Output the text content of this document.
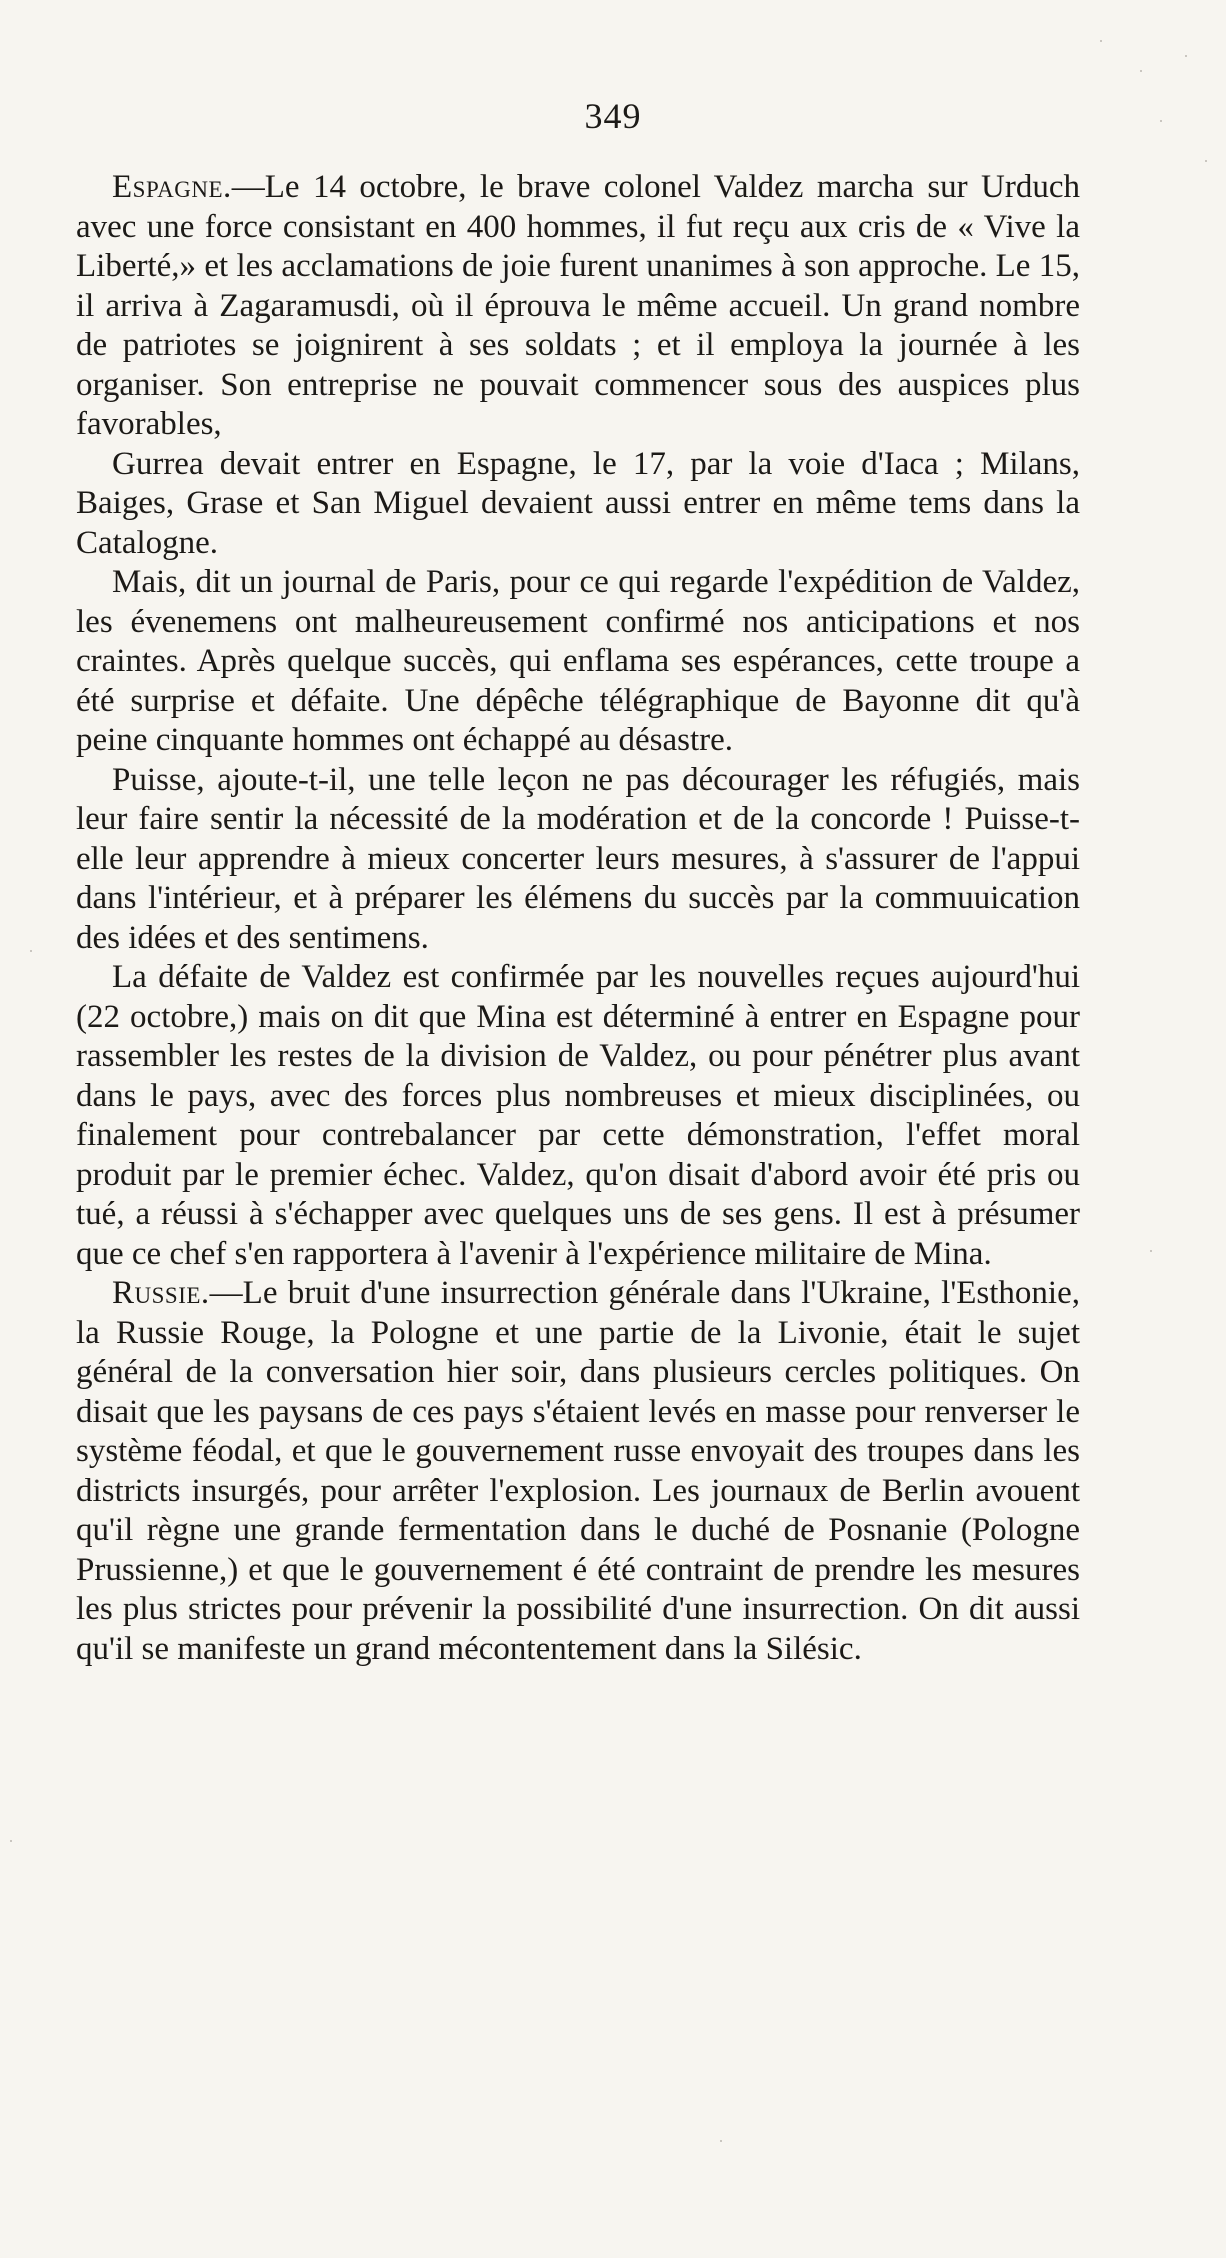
349

Espagne.—Le 14 octobre, le brave colonel Valdez marcha sur Urduch avec une force consistant en 400 hommes, il fut reçu aux cris de « Vive la Liberté,» et les acclamations de joie furent unanimes à son approche. Le 15, il arriva à Zagaramusdi, où il éprouva le même accueil. Un grand nombre de patriotes se joignirent à ses soldats ; et il employa la journée à les organiser. Son entreprise ne pouvait commencer sous des auspices plus favorables,

Gurrea devait entrer en Espagne, le 17, par la voie d'Iaca ; Milans, Baiges, Grase et San Miguel devaient aussi entrer en même tems dans la Catalogne.

Mais, dit un journal de Paris, pour ce qui regarde l'expédition de Valdez, les évenemens ont malheureusement confirmé nos anticipations et nos craintes. Après quelque succès, qui enflama ses espérances, cette troupe a été surprise et défaite. Une dépêche télégraphique de Bayonne dit qu'à peine cinquante hommes ont échappé au désastre.

Puisse, ajoute-t-il, une telle leçon ne pas décourager les réfugiés, mais leur faire sentir la nécessité de la modération et de la concorde ! Puisse-t-elle leur apprendre à mieux concerter leurs mesures, à s'assurer de l'appui dans l'intérieur, et à préparer les élémens du succès par la commuuication des idées et des sentimens.

La défaite de Valdez est confirmée par les nouvelles reçues aujourd'hui (22 octobre,) mais on dit que Mina est déterminé à entrer en Espagne pour rassembler les restes de la division de Valdez, ou pour pénétrer plus avant dans le pays, avec des forces plus nombreuses et mieux disciplinées, ou finalement pour contrebalancer par cette démonstration, l'effet moral produit par le premier échec. Valdez, qu'on disait d'abord avoir été pris ou tué, a réussi à s'échapper avec quelques uns de ses gens. Il est à présumer que ce chef s'en rapportera à l'avenir à l'expérience militaire de Mina.

Russie.—Le bruit d'une insurrection générale dans l'Ukraine, l'Esthonie, la Russie Rouge, la Pologne et une partie de la Livonie, était le sujet général de la conversation hier soir, dans plusieurs cercles politiques. On disait que les paysans de ces pays s'étaient levés en masse pour renverser le système féodal, et que le gouvernement russe envoyait des troupes dans les districts insurgés, pour arrêter l'explosion. Les journaux de Berlin avouent qu'il règne une grande fermentation dans le duché de Posnanie (Pologne Prussienne,) et que le gouvernement é été contraint de prendre les mesures les plus strictes pour prévenir la possibilité d'une insurrection. On dit aussi qu'il se manifeste un grand mécontentement dans la Silésic.
